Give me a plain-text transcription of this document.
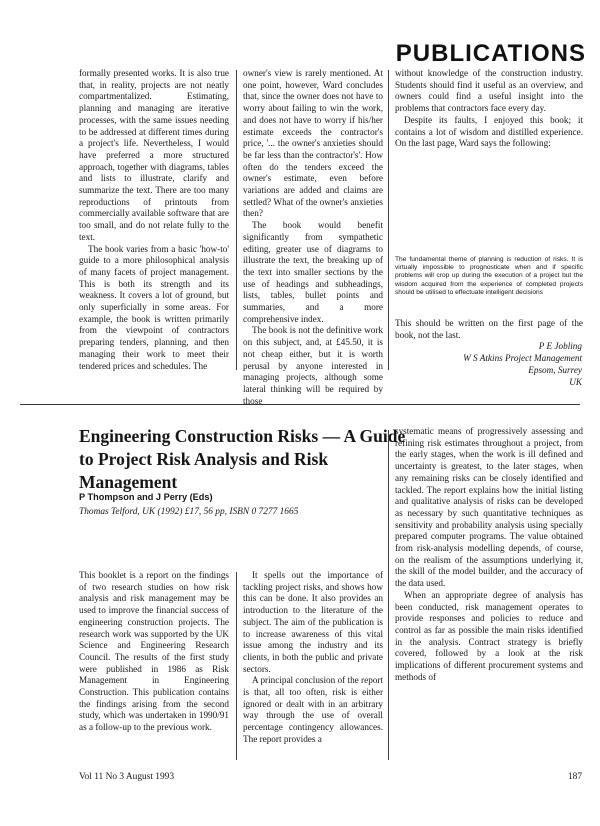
PUBLICATIONS

formally presented works. It is also true that, in reality, projects are not neatly compartmentalized. Estimating, planning and managing are iterative processes, with the same issues needing to be addressed at different times during a project's life. Nevertheless, I would have preferred a more structured approach, together with diagrams, tables and lists to illustrate, clarify and summarize the text. There are too many reproductions of printouts from commercially available software that are too small, and do not relate fully to the text.

The book varies from a basic 'how-to' guide to a more philosophical analysis of many facets of project management. This is both its strength and its weakness. It covers a lot of ground, but only superficially in some areas. For example, the book is written primarily from the viewpoint of contractors preparing tenders, planning, and then managing their work to meet their tendered prices and schedules. The

owner's view is rarely mentioned. At one point, however, Ward concludes that, since the owner does not have to worry about failing to win the work, and does not have to worry if his/her estimate exceeds the contractor's price, '... the owner's anxieties should be far less than the contractor's'. How often do the tenders exceed the owner's estimate, even before variations are added and claims are settled? What of the owner's anxieties then?

The book would benefit significantly from sympathetic editing, greater use of diagrams to illustrate the text, the breaking up of the text into smaller sections by the use of headings and subheadings, lists, tables, bullet points and summaries, and a more comprehensive index.

The book is not the definitive work on this subject, and, at £45.50, it is not cheap either, but it is worth perusal by anyone interested in managing projects, although some lateral thinking will be required by those

without knowledge of the construction industry. Students should find it useful as an overview, and owners could find a useful insight into the problems that contractors face every day.

Despite its faults, I enjoyed this book; it contains a lot of wisdom and distilled experience. On the last page, Ward says the following:

The fundamental theme of planning is reduction of risks. It is virtually impossible to prognosticate when and if specific problems will crop up during the execution of a project but the wisdom acquired from the experience of completed projects should be utilised to effectuate intelligent decisions

This should be written on the first page of the book, not the last.

P E Jobling
W S Atkins Project Management
Epsom, Surrey
UK
Engineering Construction Risks — A Guide to Project Risk Analysis and Risk Management
P Thompson and J Perry (Eds)
Thomas Telford, UK (1992) £17, 56 pp, ISBN 0 7277 1665

This booklet is a report on the findings of two research studies on how risk analysis and risk management may be used to improve the financial success of engineering construction projects. The research work was supported by the UK Science and Engineering Research Council. The results of the first study were published in 1986 as Risk Management in Engineering Construction. This publication contains the findings arising from the second study, which was undertaken in 1990/91 as a follow-up to the previous work.

It spells out the importance of tackling project risks, and shows how this can be done. It also provides an introduction to the literature of the subject. The aim of the publication is to increase awareness of this vital issue among the industry and its clients, in both the public and private sectors.

A principal conclusion of the report is that, all too often, risk is either ignored or dealt with in an arbitrary way through the use of overall percentage contingency allowances. The report provides a

systematic means of progressively assessing and refining risk estimates throughout a project, from the early stages, when the work is ill defined and uncertainty is greatest, to the later stages, when any remaining risks can be closely identified and tackled. The report explains how the initial listing and qualitative analysis of risks can be developed as necessary by such quantitative techniques as sensitivity and probability analysis using specially prepared computer programs. The value obtained from risk-analysis modelling depends, of course, on the realism of the assumptions underlying it, the skill of the model builder, and the accuracy of the data used.

When an appropriate degree of analysis has been conducted, risk management operates to provide responses and policies to reduce and control as far as possible the main risks identified in the analysis. Contract strategy is briefly covered, followed by a look at the risk implications of different procurement systems and methods of

Vol 11 No 3 August 1993	187
